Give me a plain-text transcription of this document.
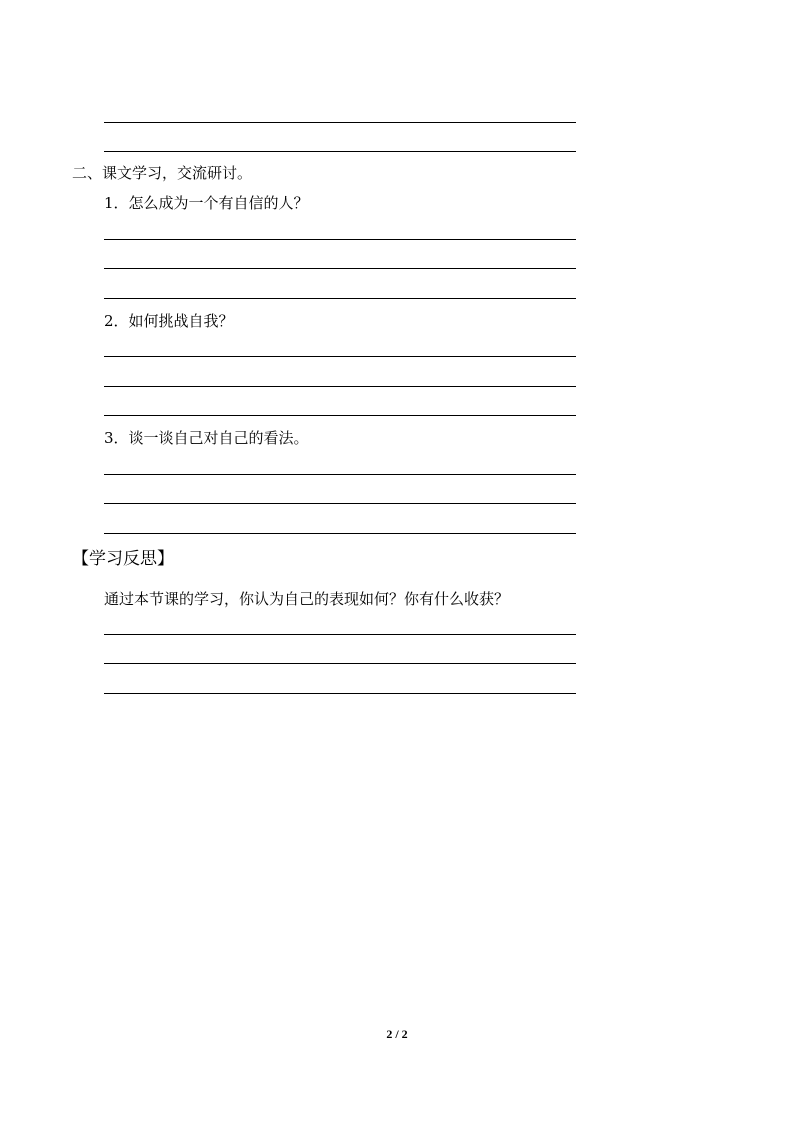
二、课文学习，交流研讨。
1．怎么成为一个有自信的人？
2．如何挑战自我？
3．谈一谈自己对自己的看法。
【学习反思】
通过本节课的学习，你认为自己的表现如何？你有什么收获？
2 / 2
